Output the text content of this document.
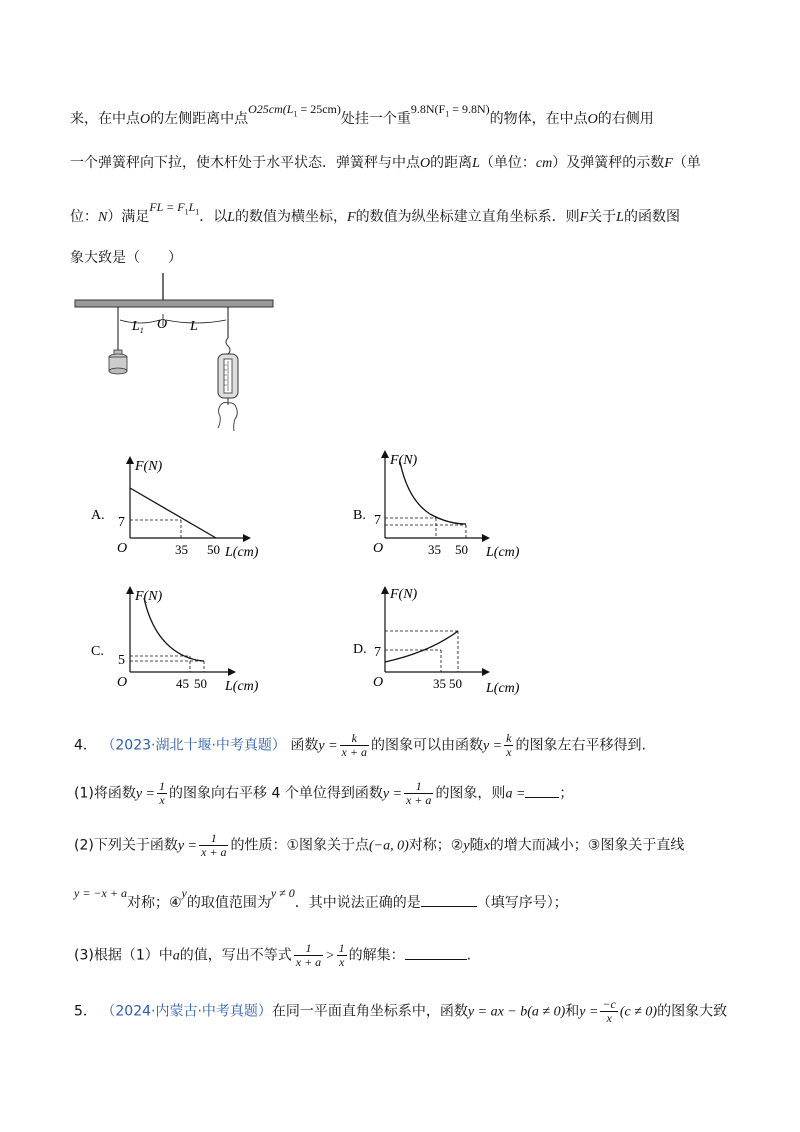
来，在中点O的左侧距离中点$O25cm(L_1 = 25cm)$处挂一个重$9.8N(F_1 = 9.8N)$的物体，在中点O的右侧用
一个弹簧秤向下拉，使木杆处于水平状态．弹簧秤与中点O的距离L（单位：cm）及弹簧秤的示数F（单
位：N）满足FL = $F_1L_1$．以L的数值为横坐标，F的数值为纵坐标建立直角坐标系．则F关于L的函数图
象大致是（　　）
$L_1$ O L
A.
F(N)
O
7
35 50 L(cm)
B.
F(N)
O
7
35 50 L(cm)
C.
F(N)
O
5
45 50 L(cm)
D.
F(N)
O
7
35 50 L(cm)
4． （2023·湖北十堰·中考真题） 函数$y = \frac{k}{x + a}$ 的图象可以由函数$y = \frac{k}{x}$ 的图象左右平移得到.
(1)将函数$y = \frac{1}{x}$ 的图象向右平移 4 个单位得到函数$y = \frac{1}{x + a}$ 的图象，则a = ；
(2)下列关于函数$y = \frac{1}{x + a}$ 的性质：①图象关于点(−a, 0)对称；②y随x的增大而减小；③图象关于直线
y = −x + a对称；④y的取值范围为y ≠ 0．其中说法正确的是	（填写序号）；
(3)根据（1）中a的值，写出不等式 $\frac{1}{x + a} > \frac{1}{x}$ 的解集：	.
5． （2024·内蒙古·中考真题）在同一平面直角坐标系中，函数y = ax − b(a ≠ 0)和$y = \frac{-c}{x} (c \ne 0)$的图象大致
